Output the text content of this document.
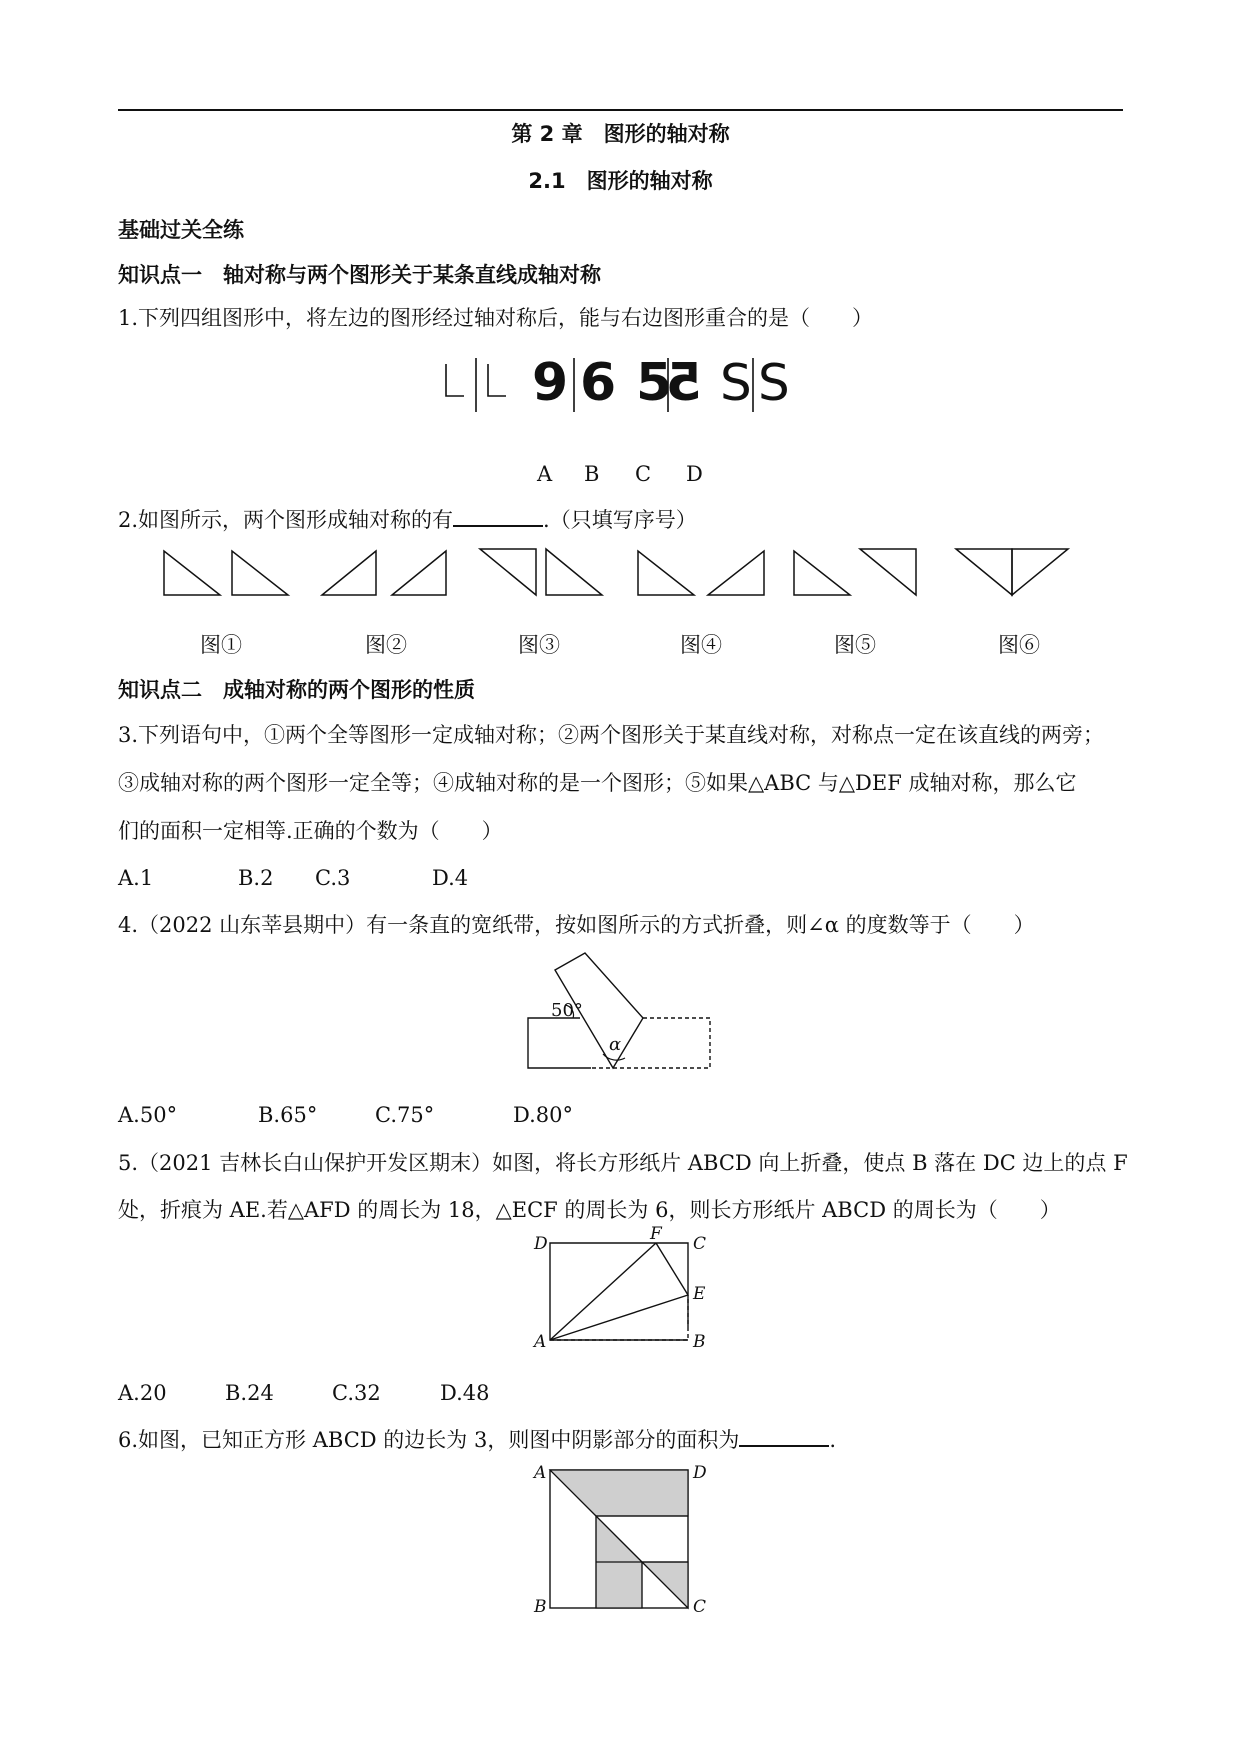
第 2 章　图形的轴对称
2.1　图形的轴对称
基础过关全练
知识点一　轴对称与两个图形关于某条直线成轴对称
1.下列四组图形中，将左边的图形经过轴对称后，能与右边图形重合的是（　　）
9 6 5
5 S S
A B C D
2.如图所示，两个图形成轴对称的有	.（只填写序号）
图①	图②	图③	图④	图⑤	图⑥
知识点二　成轴对称的两个图形的性质
3.下列语句中，①两个全等图形一定成轴对称；②两个图形关于某直线对称，对称点一定在该直线的两旁；
③成轴对称的两个图形一定全等；④成轴对称的是一个图形；⑤如果△ABC 与△DEF 成轴对称，那么它
们的面积一定相等.正确的个数为（　　）
A.1	B.2 C.3	D.4
4.（2022 山东莘县期中）有一条直的宽纸带，按如图所示的方式折叠，则∠α 的度数等于（　　）
50°
α
A.50°	B.65°	C.75°	D.80°
5.（2021 吉林长白山保护开发区期末）如图，将长方形纸片 ABCD 向上折叠，使点 B 落在 DC 边上的点 F
处，折痕为 AE.若△AFD 的周长为 18，△ECF 的周长为 6，则长方形纸片 ABCD 的周长为（　　）
D	F C
E
A	B
A.20	B.24	C.32	D.48
6.如图，已知正方形 ABCD 的边长为 3，则图中阴影部分的面积为	.
A	D
B	C
